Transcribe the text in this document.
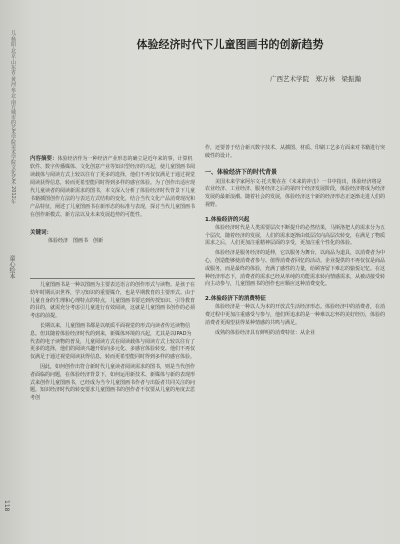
儿·杨阳·北京·山东省·黄河·华北·南方城市的艺术学院美术学院文化艺术 2012年
童心绘本
118
体验经济时代下儿童图画书的创新趋势
广西艺术学院　郑万林　梁振瀚
内容摘要：体验经济作为一种经济产业形态的确立是近年来的事，计算机软件、数字传播媒体、文化创意产业等知识型经济的兴起，使儿童图画书阅读载体与阅读方式上较以往有了更多的选择，他们不再仅仅满足于通过视觉阅读获得信息，转而更希望能同时得到多样的感官体验。为了创作出适应现代儿童读者的阅读新需求的图书，本文深入分析了体验经济时代背景下儿童书籍插图创作方法的与表达方式结构的变化，结合当代文化产品消费现况和产品特征，阐述了儿童图画书在新形态的标准与表现，探讨当代儿童图画书在创作新模式、新方法以及未来发展趋势的可能性。
关键词：
体验经济　图画书　创新

儿童图画书是一种以图画为主要表达语言的创作形式与读物。是孩子在幼年时期认识世界，学习知识的重要媒介，也是早期教育的主要形式。由于儿童自身的生理和心理特点的特点，儿童图画书要达到传授知识、引导教育的目的，就需充分考虑引儿童进行有效阅读，这就是儿童图画书创作的必须考虑的前提。

长期以来，儿童图画书都是以纸质平面视觉的形式向读者传达读物信息。但其随着体验经济时代的到来，新媒体环境的兴起，尤其是以IPAD为代表的电子读物的普及，儿童阅读方式在阅读载体与阅读方式上较以往有了更多的选择，他们的阅读兴趣开始向多元化、多感官体验转变。他们不再仅仅满足于通过视觉阅读获得信息，转而更希望能同时得到多样的感官体验。

因此，如何创作出符合新时代儿童读者阅读需求的图书，则是当代创作者面临的问题，在体验经济背景下，如何运用新技术、新媒体与新的表现形式来创作儿童图画书，已经成为当今儿童图画书作者与出版者共同关注的问题。知识经济时代的转变要求儿童图画书的创作者不仅要从儿童的角度去思考创

作，还要善于结合新兴数字技术、从插图、材质、印刷工艺多方面来对书籍进行突破性的设计。

一、体验经济下的时代背景

美国未来学家阿尔文·托夫勒在在《未来的冲击》一书中指出，体验经济将是农业经济、工业经济、服务经济之后的第四个经济发展阶段，体验经济将成为经济发展的最新浪潮。随着社会的发展，体验经济这个新的经济形态正逐渐走进人们的视野。

1.体验经济的兴起

体验经济时代是人类需要层次不断提升的必然结果，马斯洛把人的需求分为五个层次，随着经济的发展，人们的需求逐渐由低层次向高层次转变，在满足了物质需求之后，人们更加注重精神层面的享受，更加注重个性化的体验。

体验经济是服务经济的延伸，它以服务为舞台，以商品为道具，以消费者为中心，创造能够使消费者参与、值得消费者回忆的活动。企业提供的不再仅仅是商品或服务，而是最终的体验，充满了感性的力量，给顾客留下难忘的愉悦记忆。在这种经济形态下，消费者的需求已经从单纯的功能需求转向情感需求，从被动接受转向主动参与，儿童图画书的创作也应顺应这种消费变化。

2.体验经济下的消费特征

体验经济是一种以人为本的开放式生活经济形态。体验经济中的消费者，在消费过程中更加注重感受与参与，他们所追求的是一种难以忘怀的美好经历，体验的消费者更渴望获得某种情感的共鸣与满足。

成熟的体验经济具有鲜明的消费特征：从企业
